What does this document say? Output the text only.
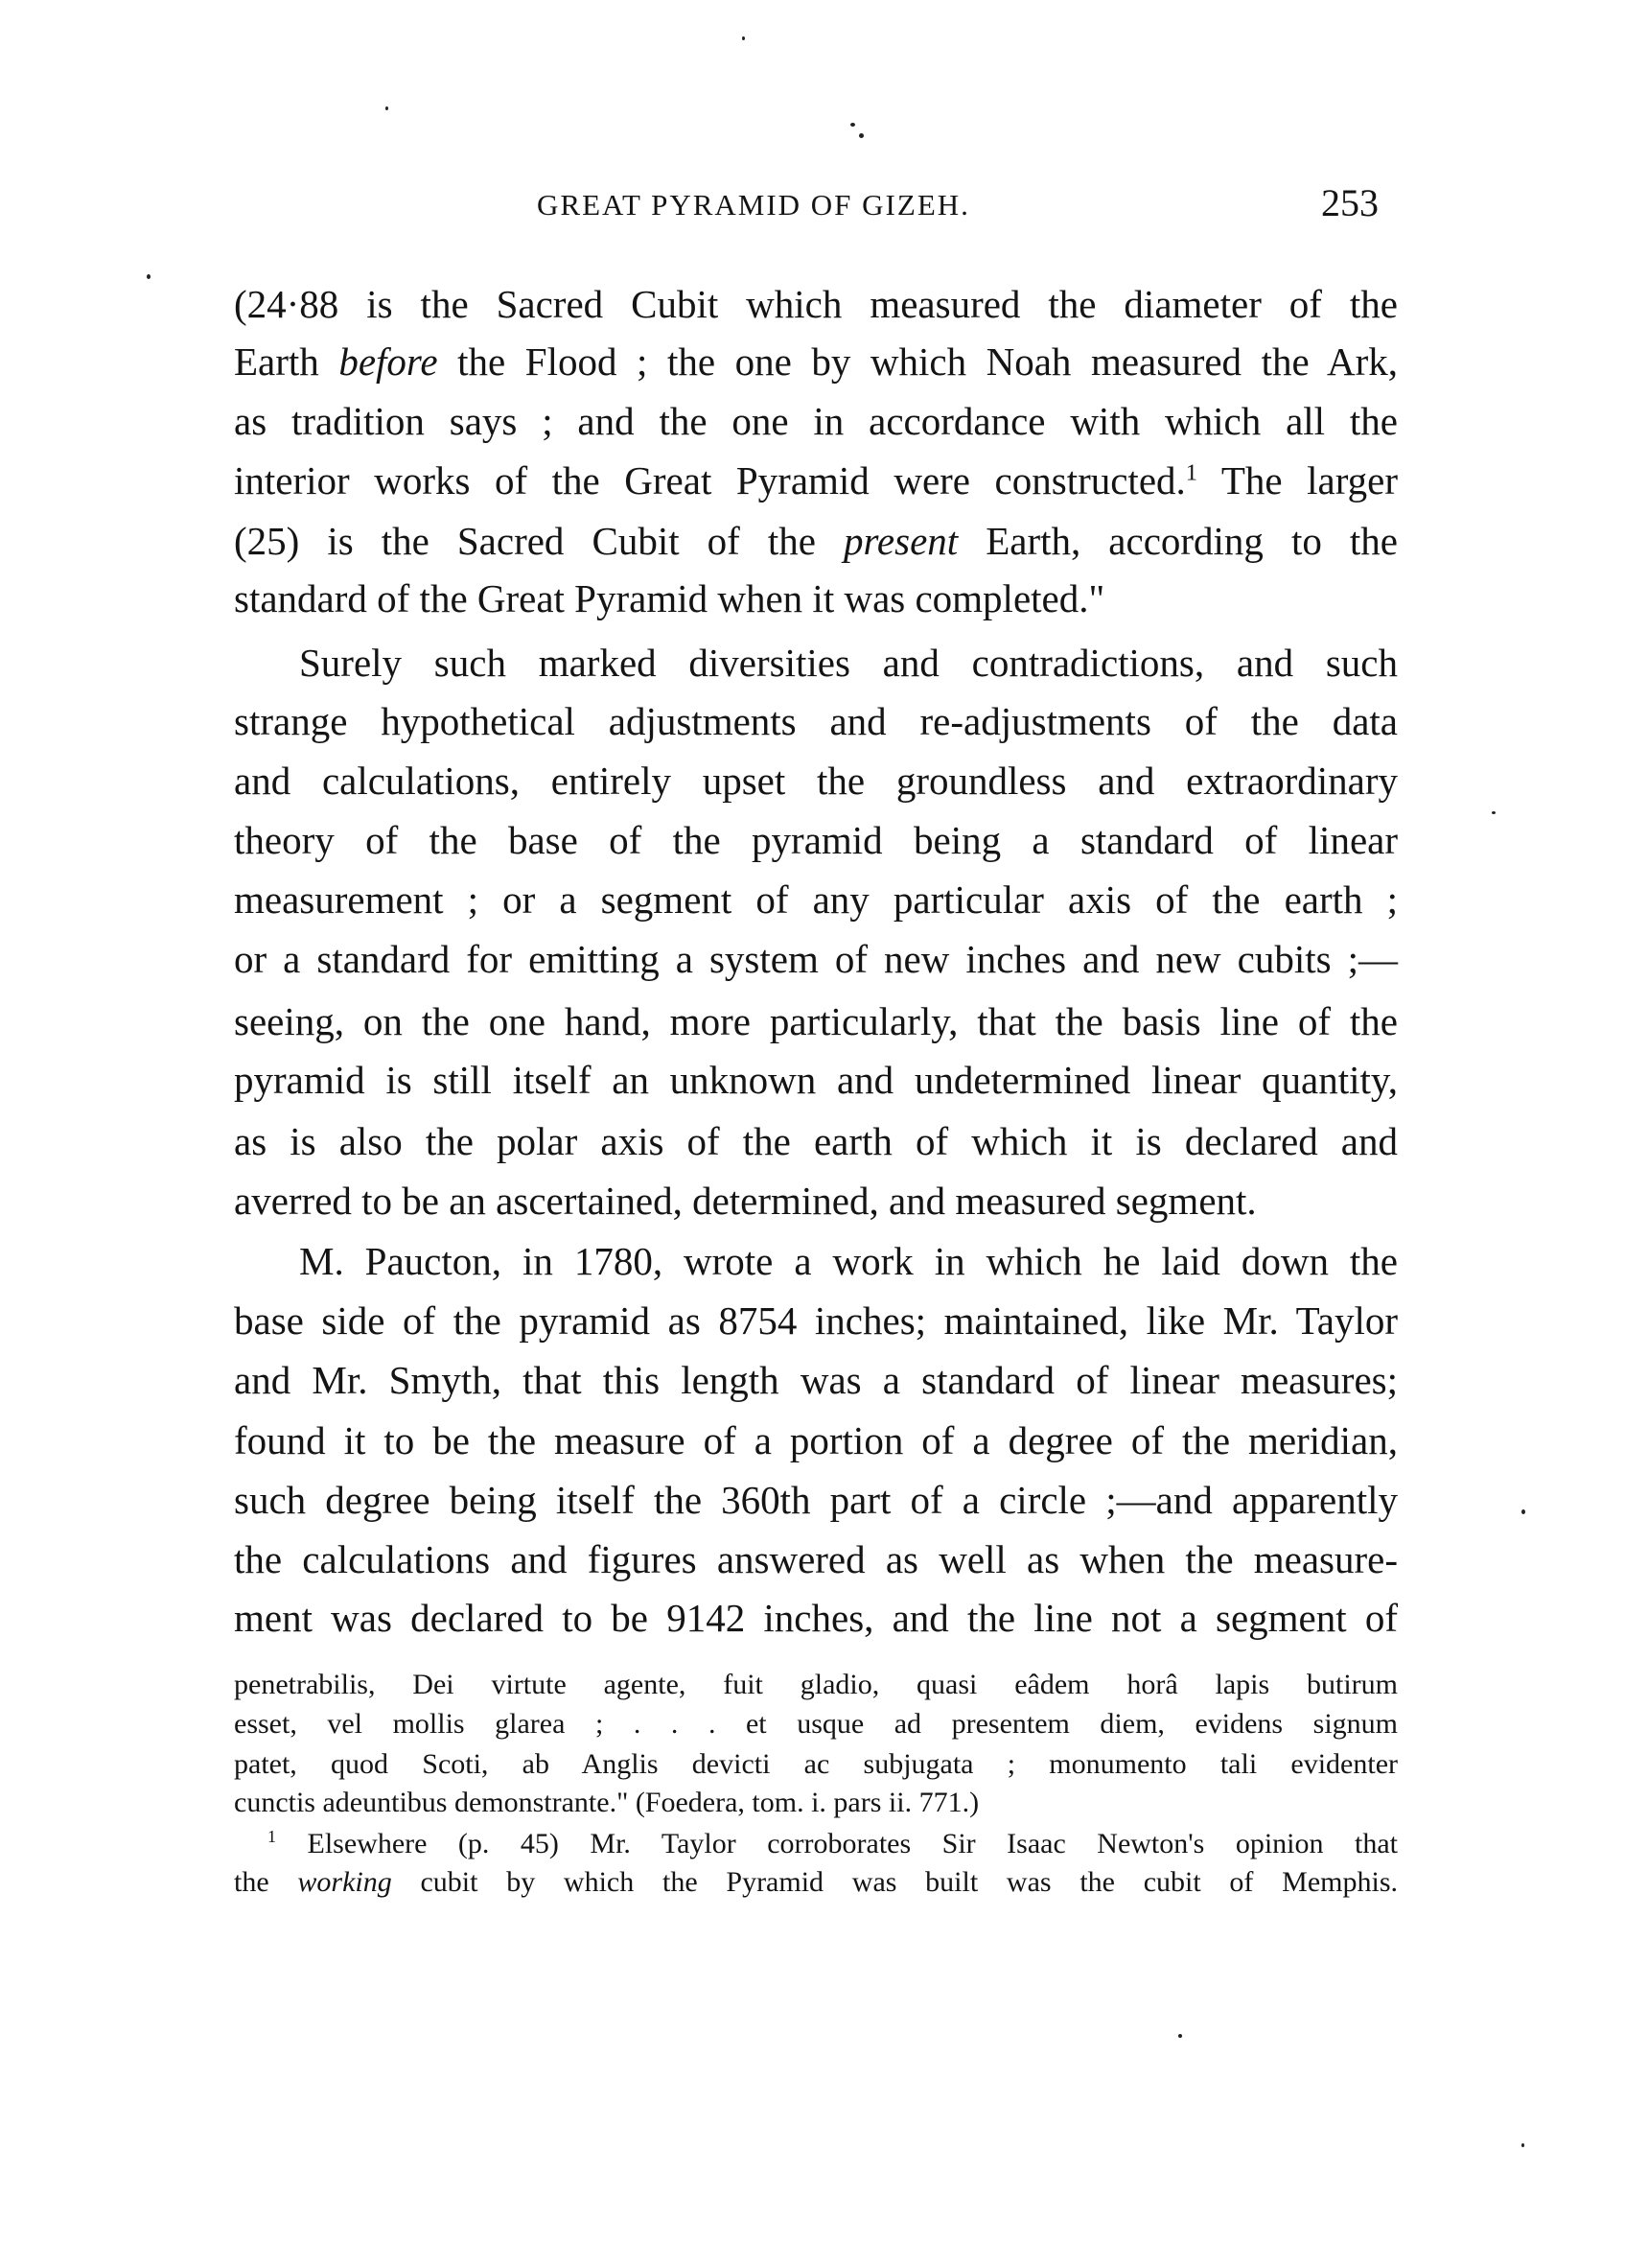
GREAT PYRAMID OF GIZEH.	253
(24·88 is the Sacred Cubit which measured the diameter of the
Earth before the Flood ; the one by which Noah measured the Ark,
as tradition says ; and the one in accordance with which all the
interior works of the Great Pyramid were constructed.$^1$ The larger
(25) is the Sacred Cubit of the present Earth, according to the
standard of the Great Pyramid when it was completed."
Surely such marked diversities and contradictions, and such
strange hypothetical adjustments and re-adjustments of the data
and calculations, entirely upset the groundless and extraordinary
theory of the base of the pyramid being a standard of linear
measurement ; or a segment of any particular axis of the earth ;
or a standard for emitting a system of new inches and new cubits ;—
seeing, on the one hand, more particularly, that the basis line of the
pyramid is still itself an unknown and undetermined linear quantity,
as is also the polar axis of the earth of which it is declared and
averred to be an ascertained, determined, and measured segment.
M. Paucton, in 1780, wrote a work in which he laid down the
base side of the pyramid as 8754 inches; maintained, like Mr. Taylor
and Mr. Smyth, that this length was a standard of linear measures;
found it to be the measure of a portion of a degree of the meridian,
such degree being itself the 360th part of a circle ;—and apparently
the calculations and figures answered as well as when the measure-
ment was declared to be 9142 inches, and the line not a segment of
penetrabilis, Dei virtute agente, fuit gladio, quasi eâdem horâ lapis butirum
esset, vel mollis glarea ; . . . et usque ad presentem diem, evidens signum
patet, quod Scoti, ab Anglis devicti ac subjugata ; monumento tali evidenter
cunctis adeuntibus demonstrante." (Foedera, tom. i. pars ii. 771.)
$^1$ Elsewhere (p. 45) Mr. Taylor corroborates Sir Isaac Newton's opinion that
the working cubit by which the Pyramid was built was the cubit of Memphis.
